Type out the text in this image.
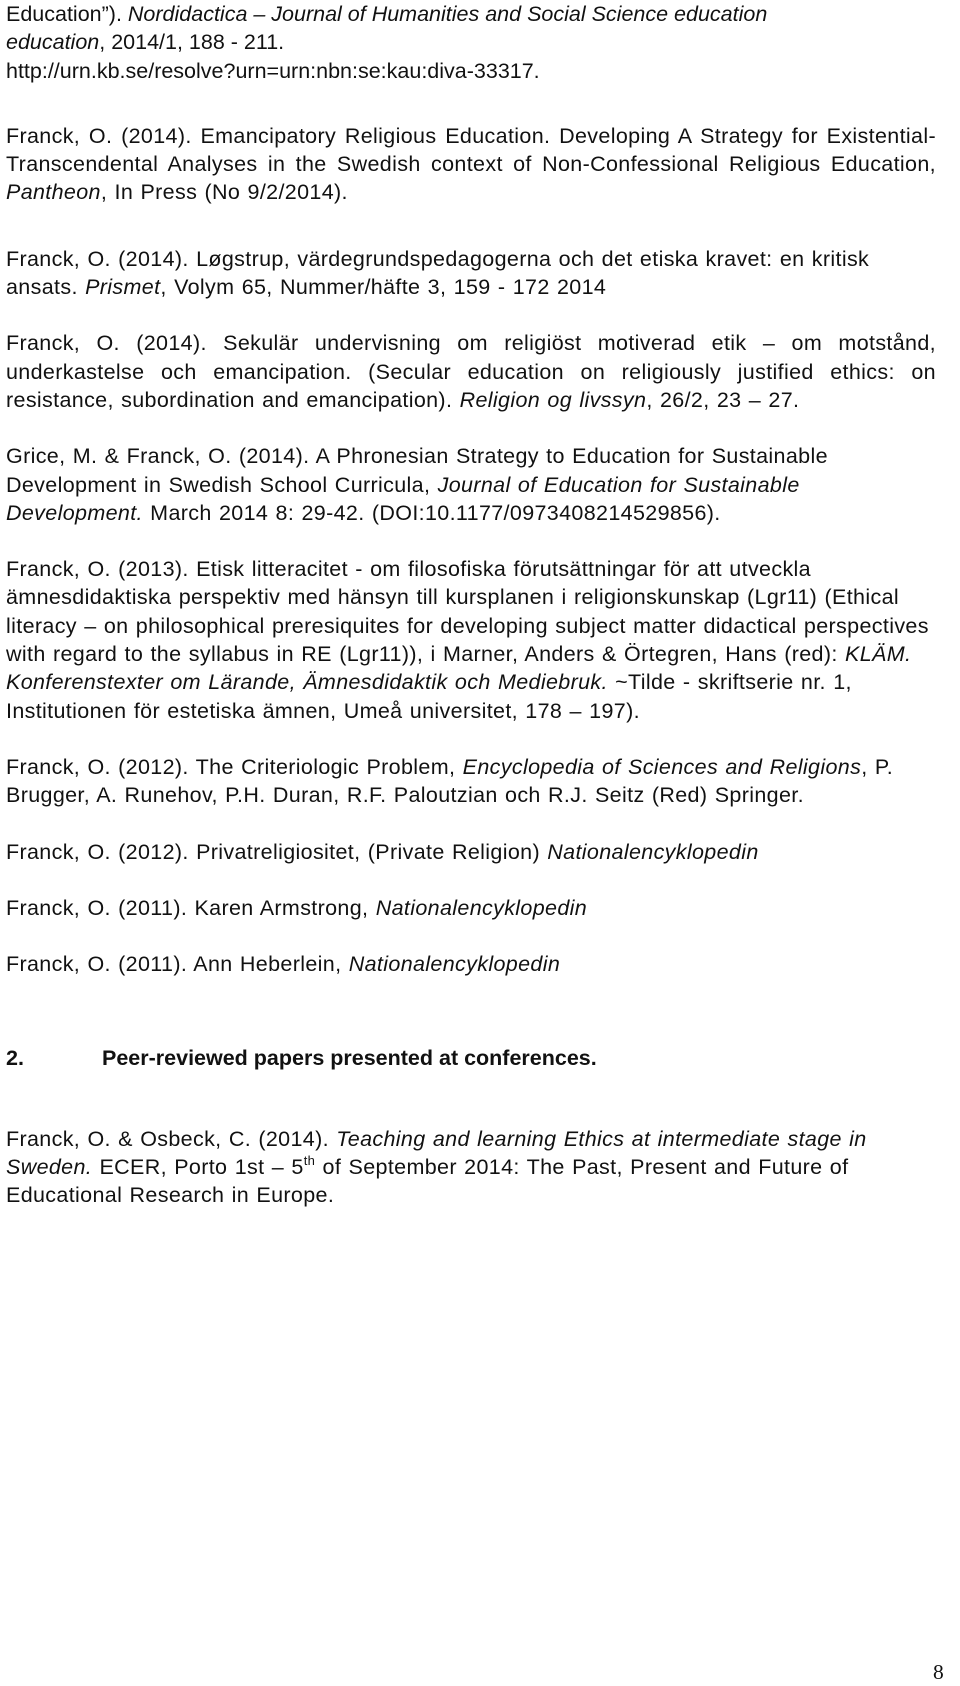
Education”). Nordidactica – Journal of Humanities and Social Science education
education, 2014/1, 188 - 211.
http://urn.kb.se/resolve?urn=urn:nbn:se:kau:diva-33317.

Franck, O. (2014). Emancipatory Religious Education. Developing A Strategy for Existential-Transcendental Analyses in the Swedish context of Non-Confessional Religious Education, Pantheon, In Press (No 9/2/2014).

Franck, O. (2014). Løgstrup, värdegrundspedagogerna och det etiska kravet: en kritisk ansats. Prismet, Volym 65, Nummer/häfte 3, 159 - 172 2014

Franck, O. (2014). Sekulär undervisning om religiöst motiverad etik – om motstånd, underkastelse och emancipation. (Secular education on religiously justified ethics: on resistance, subordination and emancipation). Religion og livssyn, 26/2, 23 – 27.

Grice, M. & Franck, O. (2014). A Phronesian Strategy to Education for Sustainable Development in Swedish School Curricula, Journal of Education for Sustainable Development. March 2014 8: 29-42. (DOI:10.1177/0973408214529856).

Franck, O. (2013). Etisk litteracitet - om filosofiska förutsättningar för att utveckla ämnesdidaktiska perspektiv med hänsyn till kursplanen i religionskunskap (Lgr11) (Ethical literacy – on philosophical preresiquites for developing subject matter didactical perspectives with regard to the syllabus in RE (Lgr11)), i Marner, Anders & Örtegren, Hans (red): KLÄM. Konferenstexter om Lärande, Ämnesdidaktik och Mediebruk. ~Tilde - skriftserie nr. 1, Institutionen för estetiska ämnen, Umeå universitet, 178 – 197).

Franck, O. (2012). The Criteriologic Problem, Encyclopedia of Sciences and Religions, P. Brugger, A. Runehov, P.H. Duran, R.F. Paloutzian och R.J. Seitz (Red) Springer.

Franck, O. (2012). Privatreligiositet, (Private Religion) Nationalencyklopedin

Franck, O. (2011). Karen Armstrong, Nationalencyklopedin

Franck, O. (2011). Ann Heberlein, Nationalencyklopedin

2.	Peer-reviewed papers presented at conferences.

Franck, O. & Osbeck, C. (2014). Teaching and learning Ethics at intermediate stage in Sweden. ECER, Porto 1st – 5th of September 2014: The Past, Present and Future of Educational Research in Europe.

8
